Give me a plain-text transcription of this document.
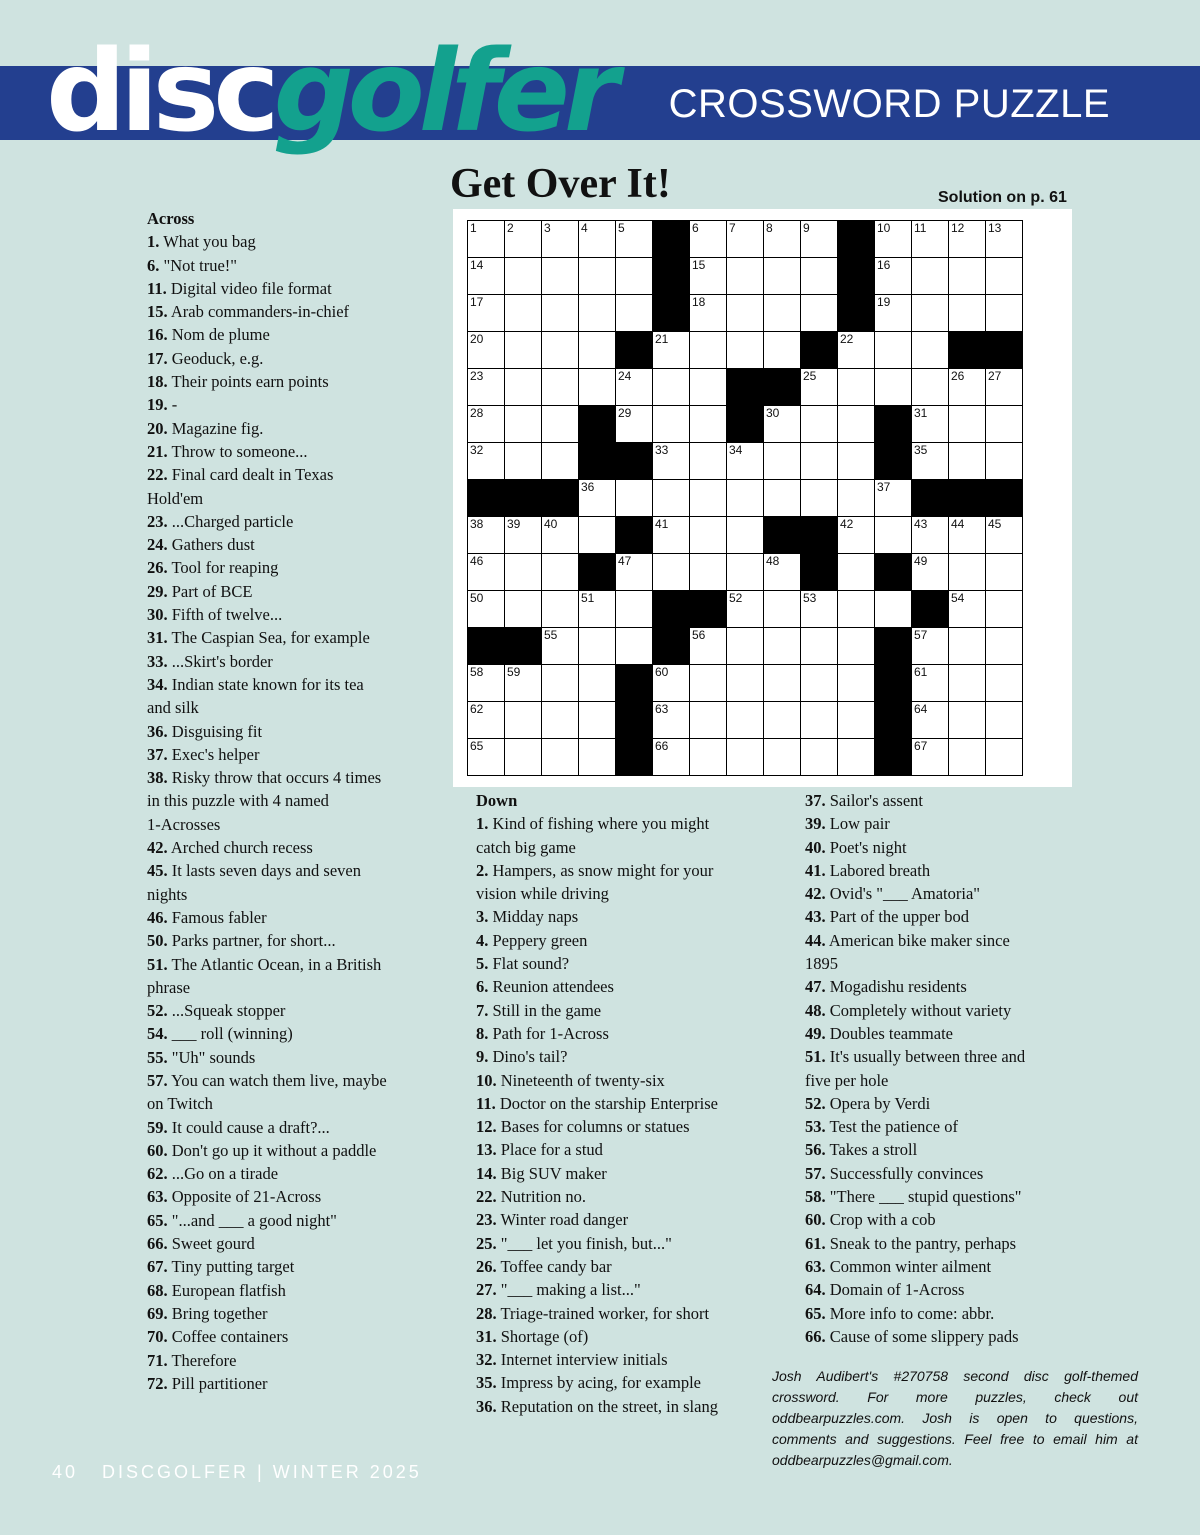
discgolfer CROSSWORD PUZZLE
Get Over It!	Solution on p. 61
1	2	3	4	5	6	7	8	9	10 11 12 13
14	15	16
17	18	19
20	21	22
23	24	25	26 27
28	29	30	31
32	33	34	35
36	37
38 39 40	41	42	43 44 45
46	47	48	49
50	51	52	53	54
55	56	57
58 59	60	61
62	63	64
65	66	67
Across
1. What you bag
6. "Not true!"
11. Digital video file format
15. Arab commanders-in-chief
16. Nom de plume
17. Geoduck, e.g.
18. Their points earn points
19. -
20. Magazine fig.
21. Throw to someone...
22. Final card dealt in Texas
Hold'em
23. ...Charged particle
24. Gathers dust
26. Tool for reaping
29. Part of BCE
30. Fifth of twelve...
31. The Caspian Sea, for example
33. ...Skirt's border
34. Indian state known for its tea
and silk
36. Disguising fit
37. Exec's helper
38. Risky throw that occurs 4 times
in this puzzle with 4 named
1-Acrosses
42. Arched church recess
45. It lasts seven days and seven
nights
46. Famous fabler
50. Parks partner, for short...
51. The Atlantic Ocean, in a British
phrase
52. ...Squeak stopper
54. ___ roll (winning)
55. "Uh" sounds
57. You can watch them live, maybe
on Twitch
59. It could cause a draft?...
60. Don't go up it without a paddle
62. ...Go on a tirade
63. Opposite of 21-Across
65. "...and ___ a good night"
66. Sweet gourd
67. Tiny putting target
68. European flatfish
69. Bring together
70. Coffee containers
71. Therefore
72. Pill partitioner
Down
1. Kind of fishing where you might
catch big game
2. Hampers, as snow might for your
vision while driving
3. Midday naps
4. Peppery green
5. Flat sound?
6. Reunion attendees
7. Still in the game
8. Path for 1-Across
9. Dino's tail?
10. Nineteenth of twenty-six
11. Doctor on the starship Enterprise
12. Bases for columns or statues
13. Place for a stud
14. Big SUV maker
22. Nutrition no.
23. Winter road danger
25. "___ let you finish, but..."
26. Toffee candy bar
27. "___ making a list..."
28. Triage-trained worker, for short
31. Shortage (of)
32. Internet interview initials
35. Impress by acing, for example
36. Reputation on the street, in slang
37. Sailor's assent
39. Low pair
40. Poet's night
41. Labored breath
42. Ovid's "___ Amatoria"
43. Part of the upper bod
44. American bike maker since
1895
47. Mogadishu residents
48. Completely without variety
49. Doubles teammate
51. It's usually between three and
five per hole
52. Opera by Verdi
53. Test the patience of
56. Takes a stroll
57. Successfully convinces
58. "There ___ stupid questions"
60. Crop with a cob
61. Sneak to the pantry, perhaps
63. Common winter ailment
64. Domain of 1-Across
65. More info to come: abbr.
66. Cause of some slippery pads
Josh Audibert's #270758 second disc golf-themed crossword. For more puzzles, check out oddbearpuzzles.com. Josh is open to questions, comments and suggestions. Feel free to email him at oddbearpuzzles@gmail.com.
40 DISCGOLFER | WINTER 2025
